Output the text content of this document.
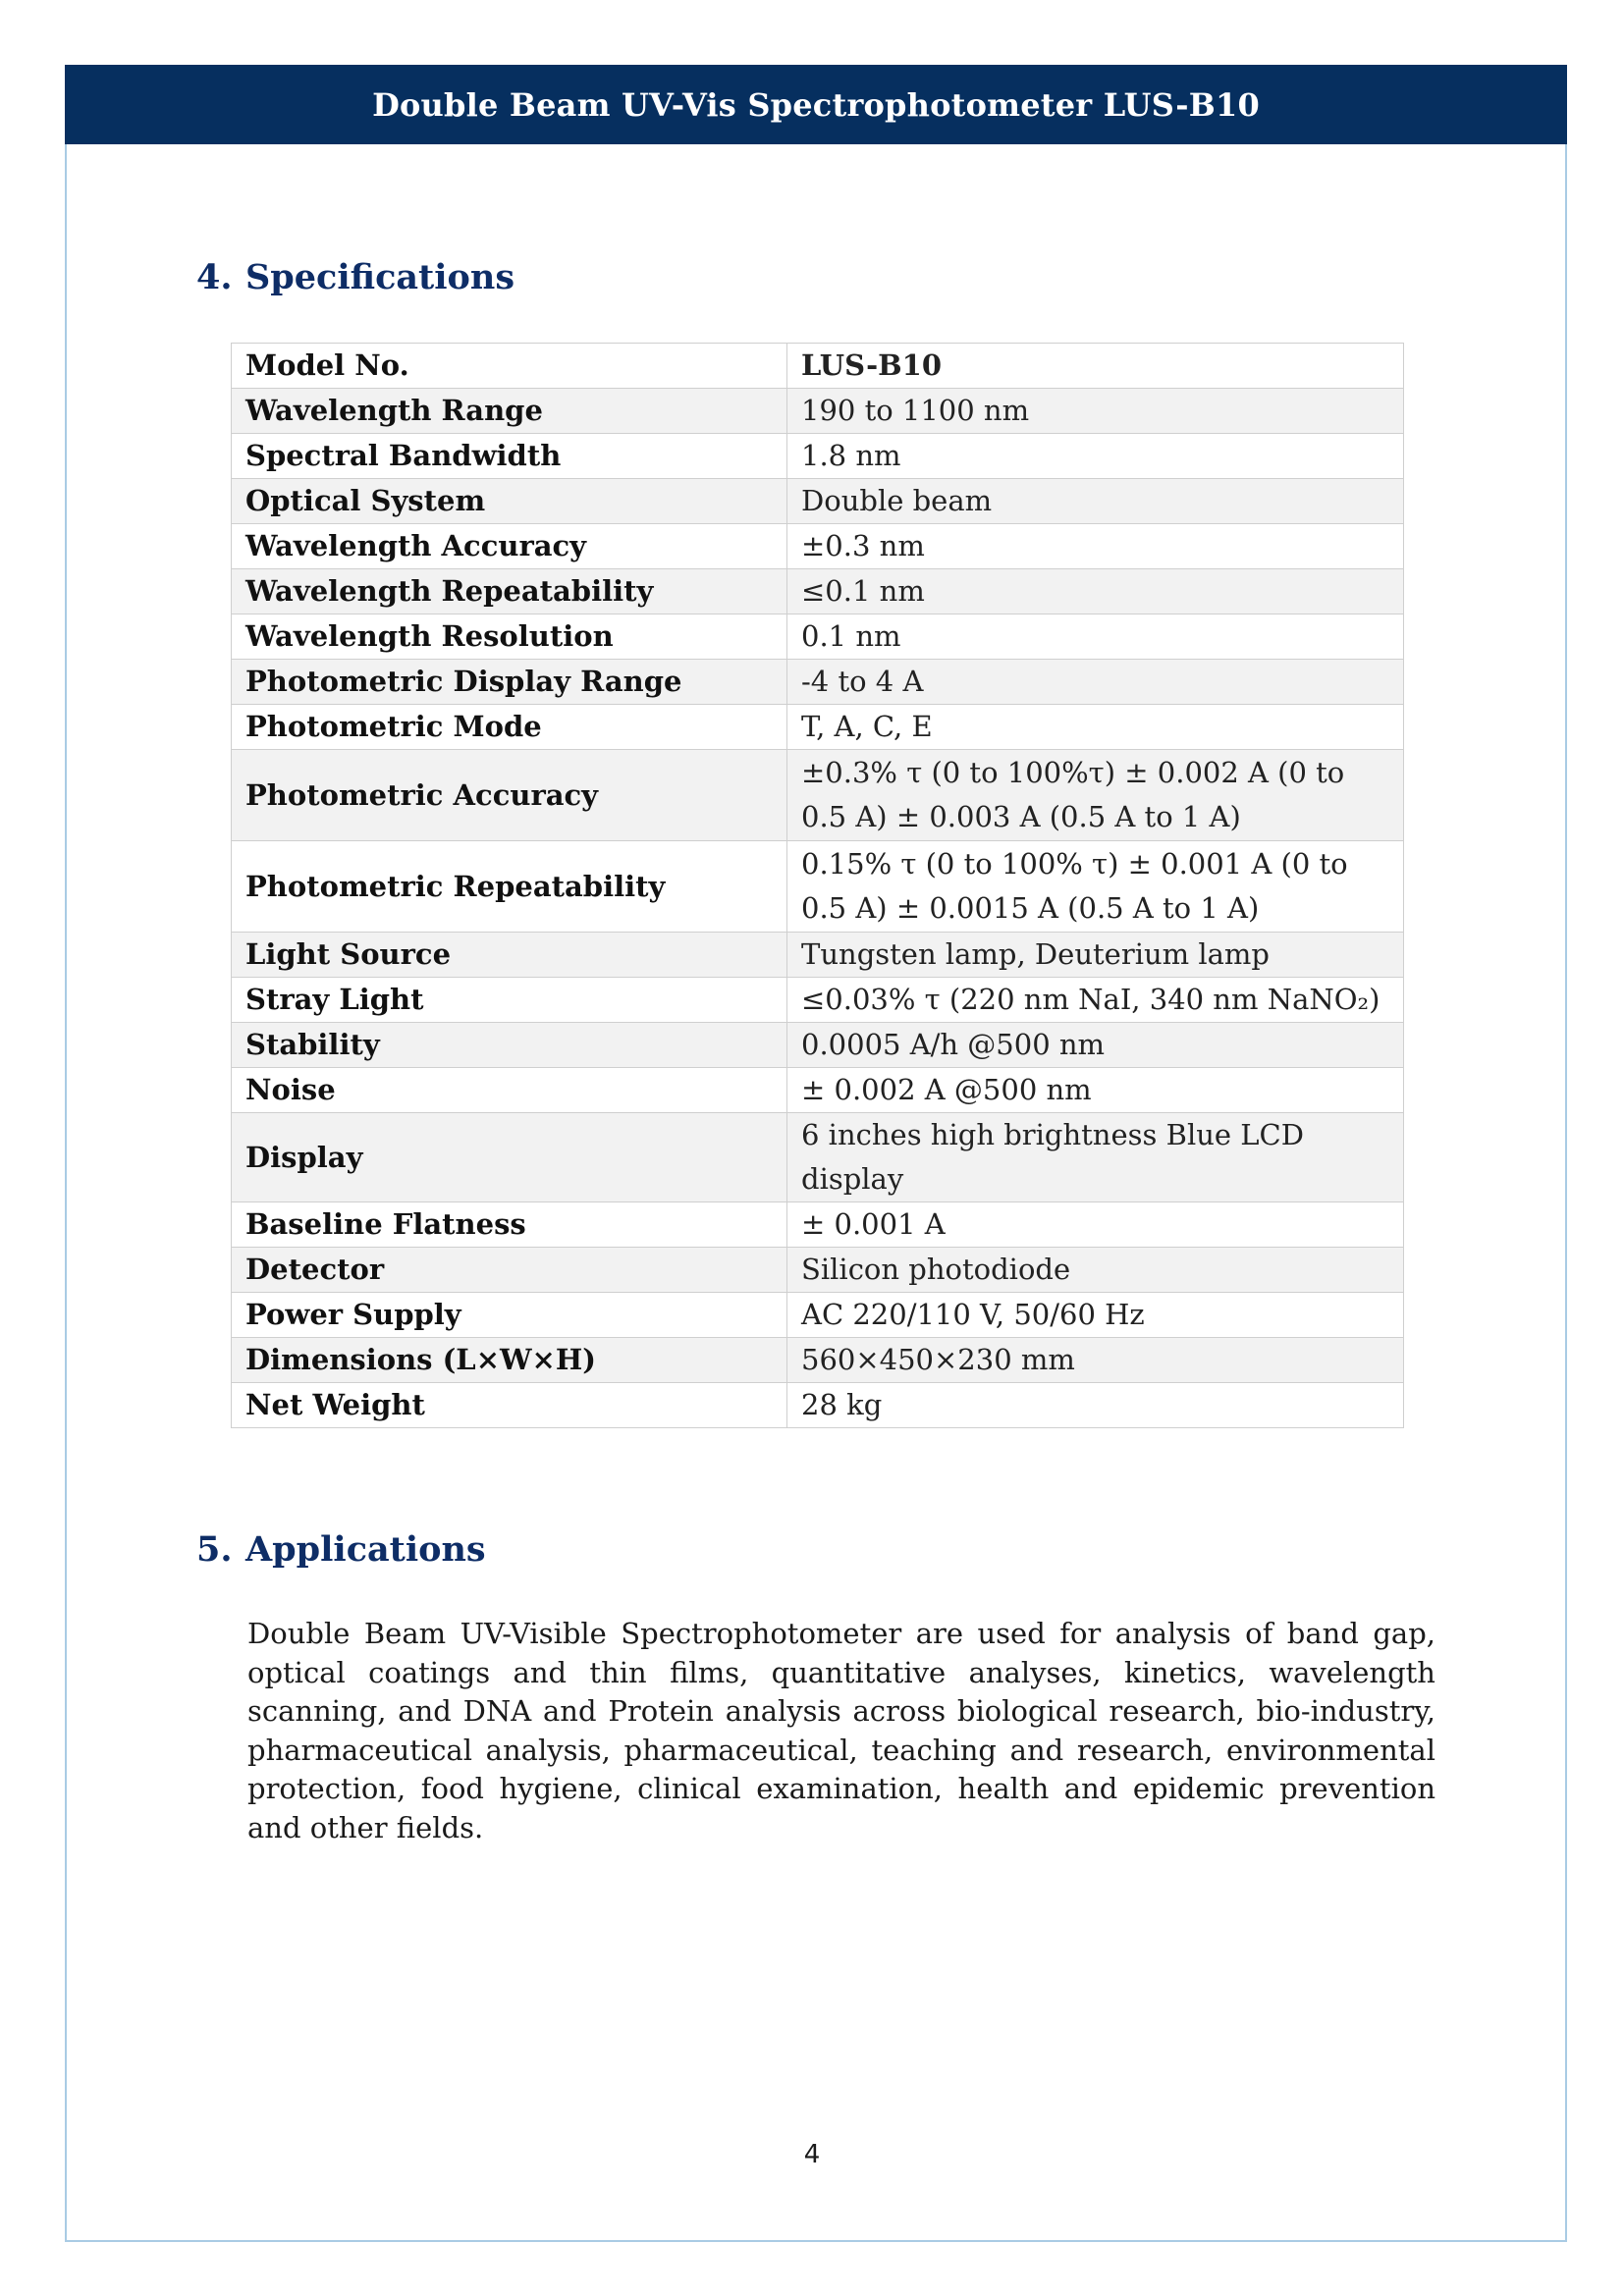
Double Beam UV-Vis Spectrophotometer LUS-B10
4. Specifications
Model No.	LUS-B10
Wavelength Range	190 to 1100 nm
Spectral Bandwidth	1.8 nm
Optical System	Double beam
Wavelength Accuracy	±0.3 nm
Wavelength Repeatability	≤0.1 nm
Wavelength Resolution	0.1 nm
Photometric Display Range	-4 to 4 A
Photometric Mode	T, A, C, E
Photometric Accuracy	±0.3% τ (0 to 100%τ) ± 0.002 A (0 to 0.5 A) ± 0.003 A (0.5 A to 1 A)
Photometric Repeatability	0.15% τ (0 to 100% τ) ± 0.001 A (0 to 0.5 A) ± 0.0015 A (0.5 A to 1 A)
Light Source	Tungsten lamp, Deuterium lamp
Stray Light	≤0.03% τ (220 nm NaI, 340 nm NaNO₂)
Stability	0.0005 A/h @500 nm
Noise	± 0.002 A @500 nm
Display	6 inches high brightness Blue LCD display
Baseline Flatness	± 0.001 A
Detector	Silicon photodiode
Power Supply	AC 220/110 V, 50/60 Hz
Dimensions (L×W×H)	560×450×230 mm
Net Weight	28 kg
5. Applications

Double Beam UV-Visible Spectrophotometer are used for analysis of band gap, optical coatings and thin films, quantitative analyses, kinetics, wavelength scanning, and DNA and Protein analysis across biological research, bio-industry, pharmaceutical analysis, pharmaceutical, teaching and research, environmental protection, food hygiene, clinical examination, health and epidemic prevention and other fields.

4
